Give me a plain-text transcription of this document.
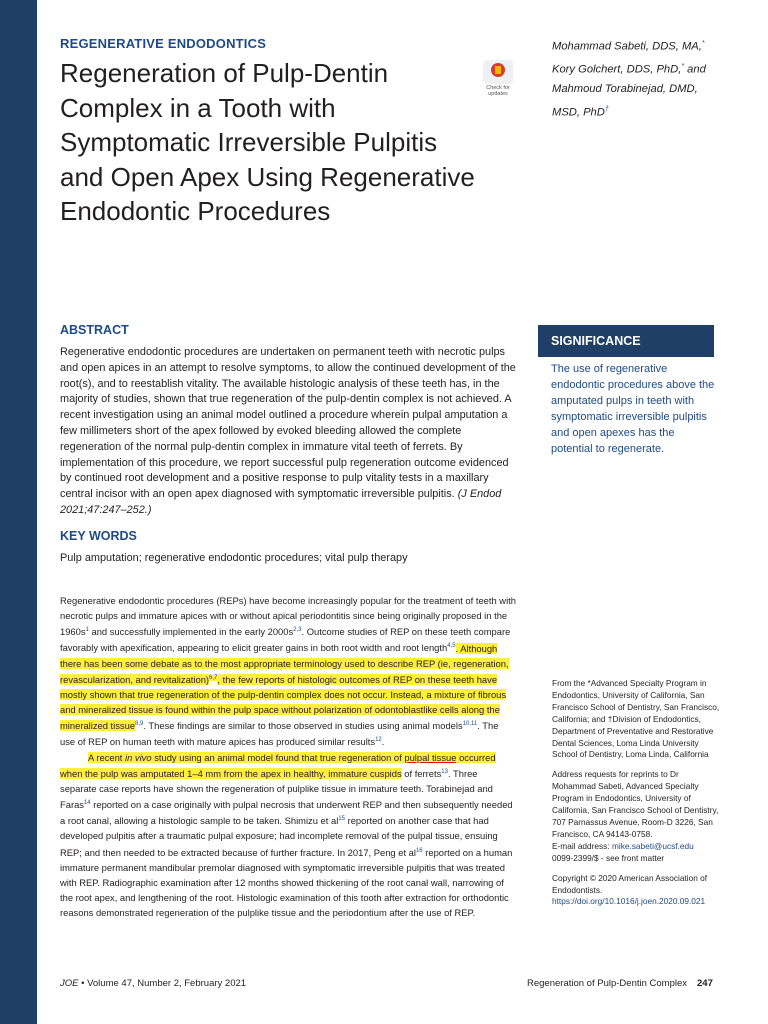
REGENERATIVE ENDODONTICS
Regeneration of Pulp-Dentin Complex in a Tooth with Symptomatic Irreversible Pulpitis and Open Apex Using Regenerative Endodontic Procedures
Check for updates
Mohammad Sabeti, DDS, MA,*
Kory Golchert, DDS, PhD,* and
Mahmoud Torabinejad, DMD,
MSD, PhD†
ABSTRACT
Regenerative endodontic procedures are undertaken on permanent teeth with necrotic pulps and open apices in an attempt to resolve symptoms, to allow the continued development of the root(s), and to reestablish vitality. The available histologic analysis of these teeth has, in the majority of studies, shown that true regeneration of the pulp-dentin complex is not achieved. A recent investigation using an animal model outlined a procedure wherein pulpal amputation a few millimeters short of the apex followed by evoked bleeding allowed the complete regeneration of the normal pulp-dentin complex in immature vital teeth of ferrets. By implementation of this procedure, we report successful pulp regeneration outcome evidenced by continued root development and a positive response to pulp vitality tests in a maxillary central incisor with an open apex diagnosed with symptomatic irreversible pulpitis. (J Endod 2021;47:247–252.)
KEY WORDS
Pulp amputation; regenerative endodontic procedures; vital pulp therapy
SIGNIFICANCE
The use of regenerative endodontic procedures above the amputated pulps in teeth with symptomatic irreversible pulpitis and open apexes has the potential to regenerate.

Regenerative endodontic procedures (REPs) have become increasingly popular for the treatment of teeth with necrotic pulps and immature apices with or without apical periodontitis since being originally proposed in the $1960s^1$ and successfully implemented in the early $2000s^{2,3}$. Outcome studies of REP on these teeth compare favorably with apexification, appearing to elicit greater gains in both root width and root length$^{4,5}$. Although there has been some debate as to the most appropriate terminology used to describe REP (ie, regeneration, revascularization, and revitalization)$^{6,7}$, the few reports of histologic outcomes of REP on these teeth have mostly shown that true regeneration of the pulp-dentin complex does not occur. Instead, a mixture of fibrous and mineralized tissue is found within the pulp space without polarization of odontoblastlike cells along the mineralized tissue$^{8,9}$. These findings are similar to those observed in studies using animal models$^{10,11}$. The use of REP on human teeth with mature apices has produced similar results$^{12}$.

A recent in vivo study using an animal model found that true regeneration of pulpal tissue occurred when the pulp was amputated 1–4 mm from the apex in healthy, immature cuspids of ferrets$^{13}$. Three separate case reports have shown the regeneration of pulplike tissue in immature teeth. Torabinejad and Faras$^{14}$ reported on a case originally with pulpal necrosis that underwent REP and then subsequently needed a root canal, allowing a histologic sample to be taken. Shimizu et $al^{15}$ reported on another case that had developed pulpitis after a traumatic pulpal exposure; had incomplete removal of the pulpal tissue, ensuing REP; and then needed to be extracted because of further fracture. In 2017, Peng et $al^{16}$ reported on a human immature permanent mandibular premolar diagnosed with symptomatic irreversible pulpitis that was treated with REP. Radiographic examination after 12 months showed thickening of the root canal wall, narrowing of the root apex, and lengthening of the root. Histologic examination of this tooth after extraction for orthodontic reasons demonstrated regeneration of the pulplike tissue and the periodontium after the use of REP.

From the *Advanced Specialty Program in Endodontics, University of California, San Francisco School of Dentistry, San Francisco, California; and †Division of Endodontics, Department of Preventative and Restorative Dental Sciences, Loma Linda University School of Dentistry, Loma Linda, California

Address requests for reprints to Dr Mohammad Sabeti, Advanced Specialty Program in Endodontics, University of California, San Francisco School of Dentistry, 707 Parnassus Avenue, Room-D 3226, San Francisco, CA 94143-0758.
E-mail address: mike.sabeti@ucsf.edu
0099-2399/$ - see front matter

Copyright © 2020 American Association of Endodontists.
https://doi.org/10.1016/j.joen.2020.09.021

JOE • Volume 47, Number 2, February 2021	Regeneration of Pulp-Dentin Complex 247
